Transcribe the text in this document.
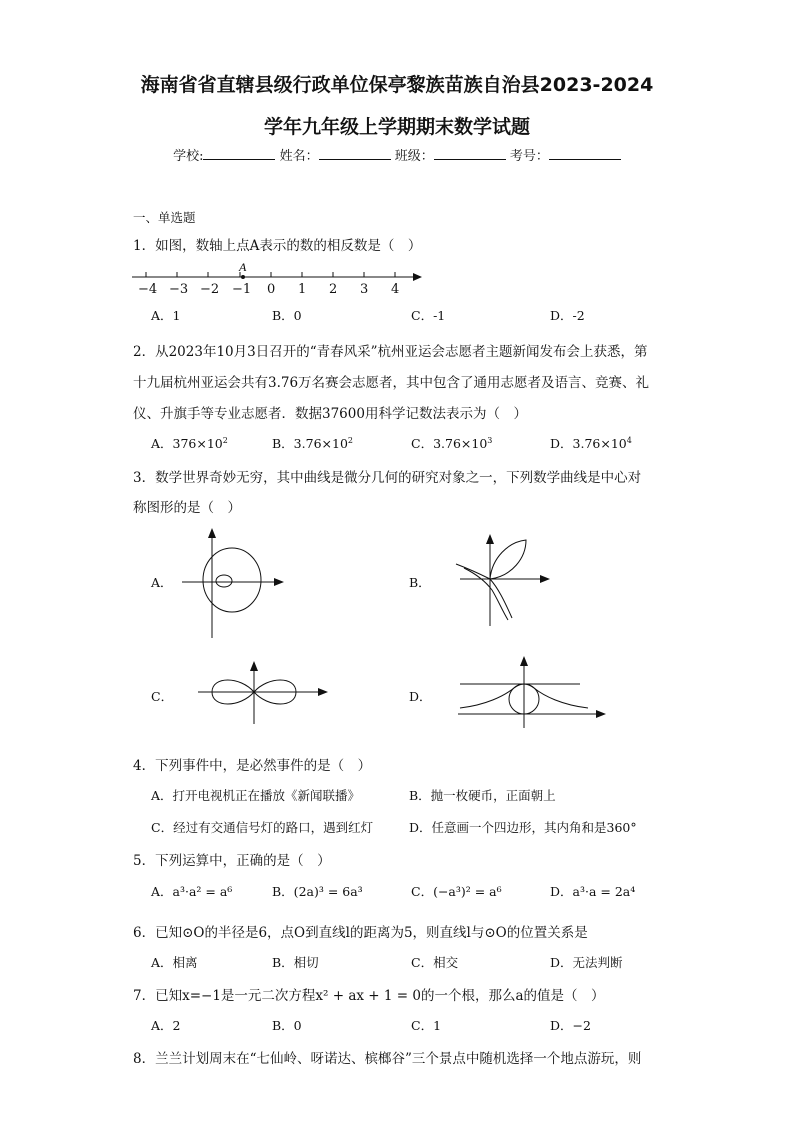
海南省省直辖县级行政单位保亭黎族苗族自治县2023-2024
学年九年级上学期期末数学试题
学校:	姓名：	班级：	考号：
一、单选题
1．如图，数轴上点A表示的数的相反数是（　）
A
−4 −3 −2 −1 0 1 2 3 4
A．1	B．0	C．-1	D．-2
2．从2023年10月3日召开的“青春风采”杭州亚运会志愿者主题新闻发布会上获悉，第
十九届杭州亚运会共有3.76万名赛会志愿者，其中包含了通用志愿者及语言、竞赛、礼
仪、升旗手等专业志愿者．数据37600用科学记数法表示为（　）
A．$376\times 10^2$	B．$3.76\times 10^2$	C．$3.76\times 10^3$	D．$3.76\times 10^4$
3．数学世界奇妙无穷，其中曲线是微分几何的研究对象之一，下列数学曲线是中心对
称图形的是（　）
A．	B．
C．	D．
4．下列事件中，是必然事件的是（　）
A．打开电视机正在播放《新闻联播》	B．抛一枚硬币，正面朝上
C．经过有交通信号灯的路口，遇到红灯	D．任意画一个四边形，其内角和是360°
5．下列运算中，正确的是（　）
A．a³·a² = a⁶	B．(2a)³ = 6a³	C．(−a³)² = a⁶	D．a³·a = 2a⁴
6．已知⊙O的半径是6，点O到直线l的距离为5，则直线l与⊙O的位置关系是
A．相离	B．相切	C．相交	D．无法判断
7．已知x=−1是一元二次方程x² + ax + 1 = 0的一个根，那么a的值是（　）
A．2	B．0	C．1	D．−2
8．兰兰计划周末在“七仙岭、呀诺达、槟榔谷”三个景点中随机选择一个地点游玩，则
